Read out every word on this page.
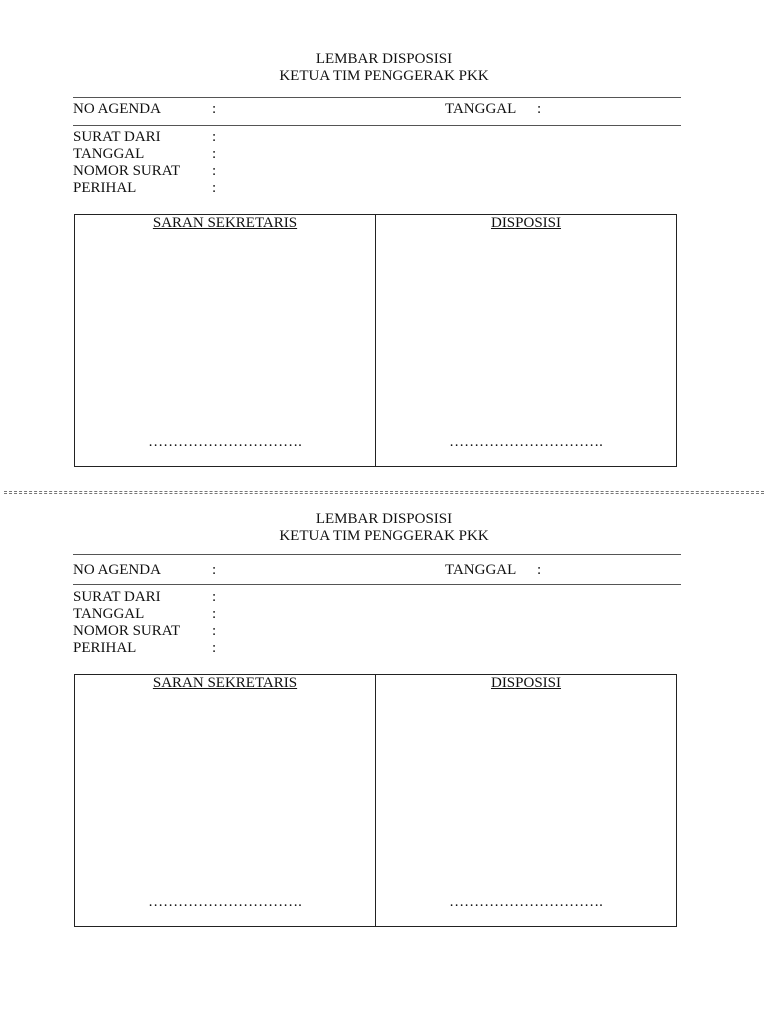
LEMBAR DISPOSISI
KETUA TIM PENGGERAK PKK
NO AGENDA	:	TANGGAL :
SURAT DARI	:
TANGGAL	:
NOMOR SURAT :
PERIHAL	:
SARAN SEKRETARIS	DISPOSISI
………………………….	………………………….
LEMBAR DISPOSISI
KETUA TIM PENGGERAK PKK
NO AGENDA	:	TANGGAL :
SURAT DARI	:
TANGGAL	:
NOMOR SURAT :
PERIHAL	:
SARAN SEKRETARIS	DISPOSISI
………………………….	………………………….
